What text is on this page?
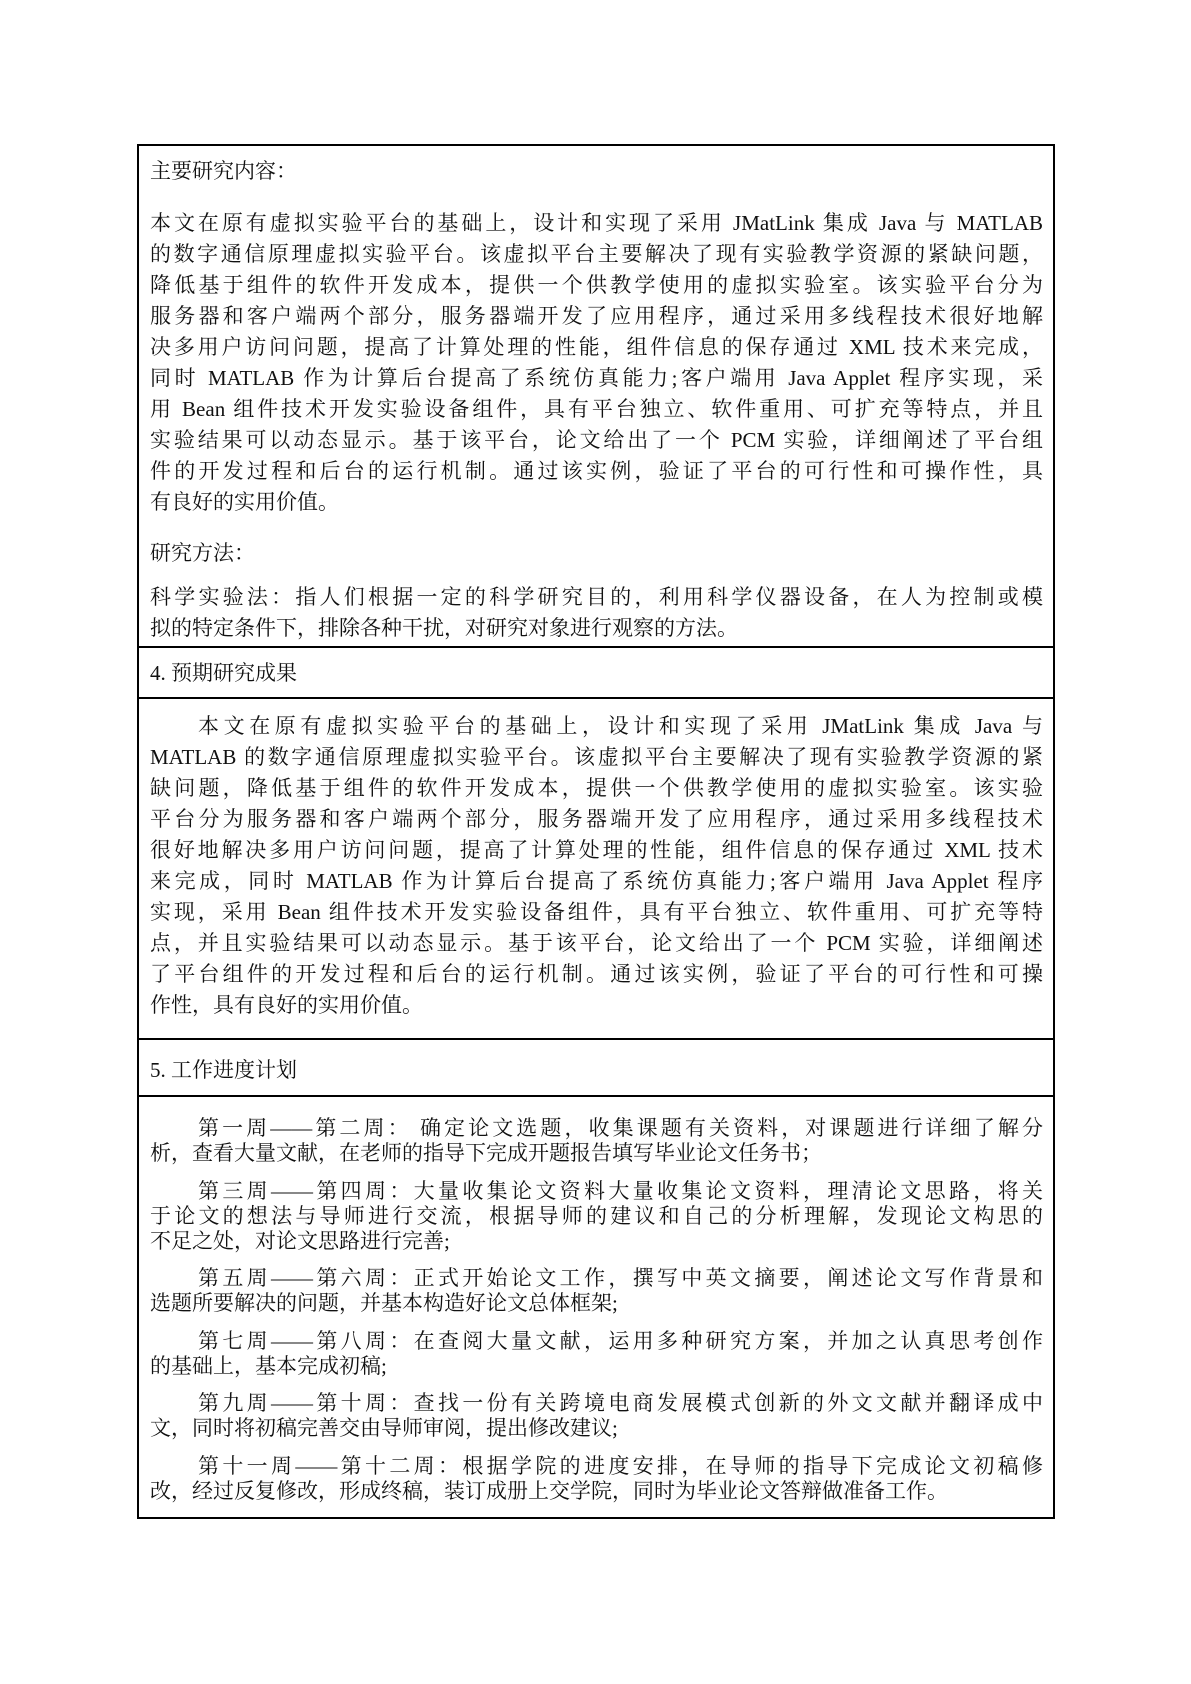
主要研究内容：
本文在原有虚拟实验平台的基础上，设计和实现了采用 JMatLink 集成 Java 与 MATLAB
的数字通信原理虚拟实验平台。该虚拟平台主要解决了现有实验教学资源的紧缺问题，
降低基于组件的软件开发成本，提供一个供教学使用的虚拟实验室。该实验平台分为
服务器和客户端两个部分，服务器端开发了应用程序，通过采用多线程技术很好地解
决多用户访问问题，提高了计算处理的性能，组件信息的保存通过 XML 技术来完成，
同时 MATLAB 作为计算后台提高了系统仿真能力;客户端用 Java Applet 程序实现，采
用 Bean 组件技术开发实验设备组件，具有平台独立、软件重用、可扩充等特点，并且
实验结果可以动态显示。基于该平台，论文给出了一个 PCM 实验，详细阐述了平台组
件的开发过程和后台的运行机制。通过该实例，验证了平台的可行性和可操作性，具
有良好的实用价值。
研究方法：
科学实验法：指人们根据一定的科学研究目的，利用科学仪器设备，在人为控制或模
拟的特定条件下，排除各种干扰，对研究对象进行观察的方法。
4. 预期研究成果
本文在原有虚拟实验平台的基础上，设计和实现了采用 JMatLink 集成 Java 与
MATLAB 的数字通信原理虚拟实验平台。该虚拟平台主要解决了现有实验教学资源的紧
缺问题，降低基于组件的软件开发成本，提供一个供教学使用的虚拟实验室。该实验
平台分为服务器和客户端两个部分，服务器端开发了应用程序，通过采用多线程技术
很好地解决多用户访问问题，提高了计算处理的性能，组件信息的保存通过 XML 技术
来完成，同时 MATLAB 作为计算后台提高了系统仿真能力;客户端用 Java Applet 程序
实现，采用 Bean 组件技术开发实验设备组件，具有平台独立、软件重用、可扩充等特
点，并且实验结果可以动态显示。基于该平台，论文给出了一个 PCM 实验，详细阐述
了平台组件的开发过程和后台的运行机制。通过该实例，验证了平台的可行性和可操
作性，具有良好的实用价值。
5. 工作进度计划
第一周——第二周： 确定论文选题，收集课题有关资料，对课题进行详细了解分
析，查看大量文献，在老师的指导下完成开题报告填写毕业论文任务书；
第三周——第四周：大量收集论文资料大量收集论文资料，理清论文思路，将关
于论文的想法与导师进行交流，根据导师的建议和自己的分析理解，发现论文构思的
不足之处，对论文思路进行完善;
第五周——第六周：正式开始论文工作，撰写中英文摘要，阐述论文写作背景和
选题所要解决的问题，并基本构造好论文总体框架;
第七周——第八周：在查阅大量文献，运用多种研究方案，并加之认真思考创作
的基础上，基本完成初稿;
第九周——第十周：查找一份有关跨境电商发展模式创新的外文文献并翻译成中
文，同时将初稿完善交由导师审阅，提出修改建议;
第十一周——第十二周：根据学院的进度安排，在导师的指导下完成论文初稿修
改，经过反复修改，形成终稿，装订成册上交学院，同时为毕业论文答辩做准备工作。
